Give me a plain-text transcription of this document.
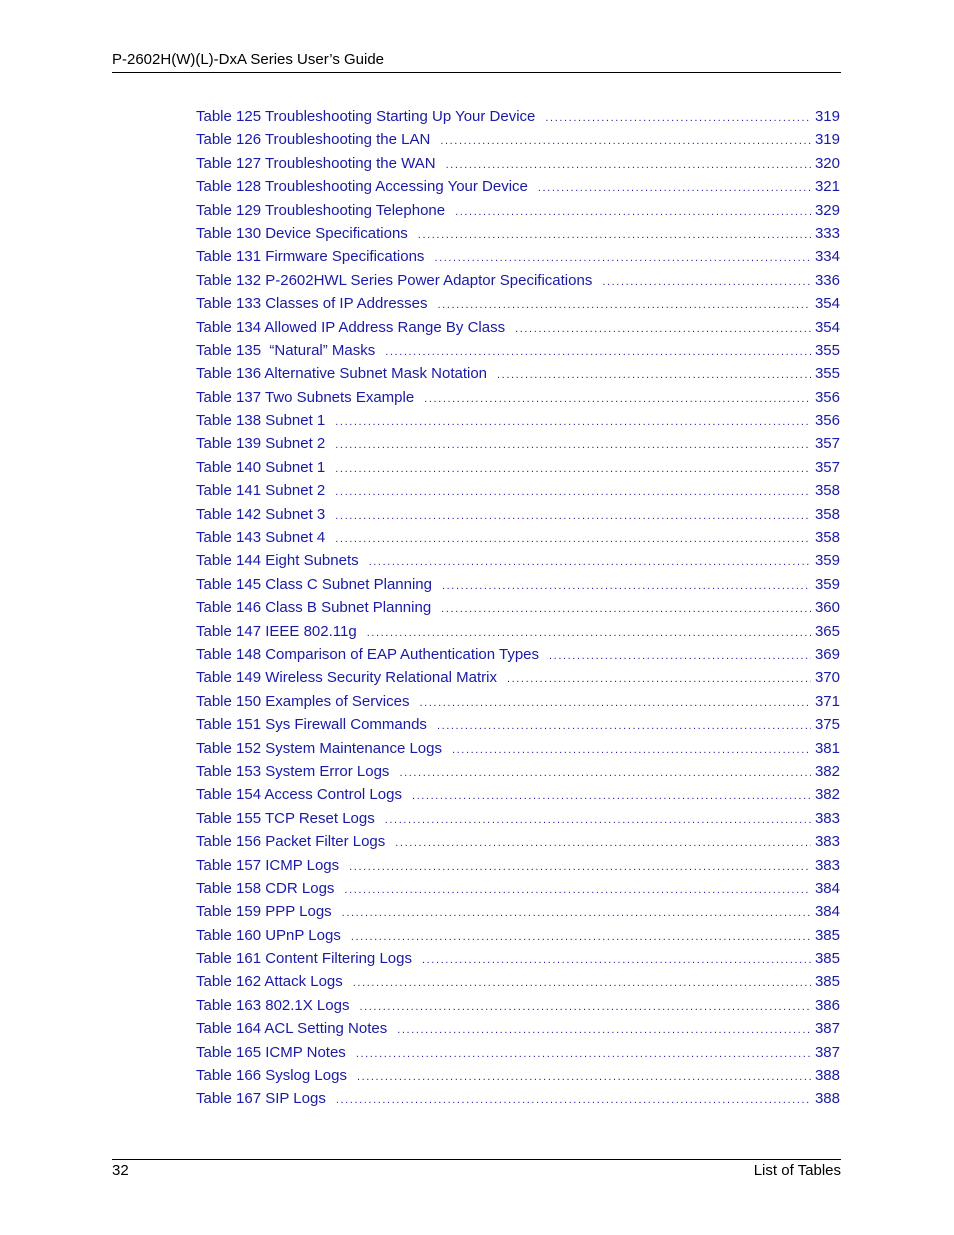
P-2602H(W)(L)-DxA Series User’s Guide
Table 125 Troubleshooting Starting Up Your Device .....	319
Table 126 Troubleshooting the LAN .....	319
Table 127 Troubleshooting the WAN .....	320
Table 128 Troubleshooting Accessing Your Device .....	321
Table 129 Troubleshooting Telephone .....	329
Table 130 Device Specifications .....	333
Table 131 Firmware Specifications .....	334
Table 132 P-2602HWL Series Power Adaptor Specifications .....	336
Table 133 Classes of IP Addresses .....	354
Table 134 Allowed IP Address Range By Class .....	354
Table 135  “Natural” Masks .....	355
Table 136 Alternative Subnet Mask Notation .....	355
Table 137 Two Subnets Example .....	356
Table 138 Subnet 1 .....	356
Table 139 Subnet 2 .....	357
Table 140 Subnet 1 .....	357
Table 141 Subnet 2 .....	358
Table 142 Subnet 3 .....	358
Table 143 Subnet 4 .....	358
Table 144 Eight Subnets .....	359
Table 145 Class C Subnet Planning .....	359
Table 146 Class B Subnet Planning .....	360
Table 147 IEEE 802.11g .....	365
Table 148 Comparison of EAP Authentication Types .....	369
Table 149 Wireless Security Relational Matrix .....	370
Table 150 Examples of Services .....	371
Table 151 Sys Firewall Commands .....	375
Table 152 System Maintenance Logs .....	381
Table 153 System Error Logs .....	382
Table 154 Access Control Logs .....	382
Table 155 TCP Reset Logs .....	383
Table 156 Packet Filter Logs .....	383
Table 157 ICMP Logs .....	383
Table 158 CDR Logs .....	384
Table 159 PPP Logs .....	384
Table 160 UPnP Logs .....	385
Table 161 Content Filtering Logs .....	385
Table 162 Attack Logs .....	385
Table 163 802.1X Logs .....	386
Table 164 ACL Setting Notes .....	387
Table 165 ICMP Notes .....	387
Table 166 Syslog Logs .....	388
Table 167 SIP Logs .....	388
32	List of Tables
